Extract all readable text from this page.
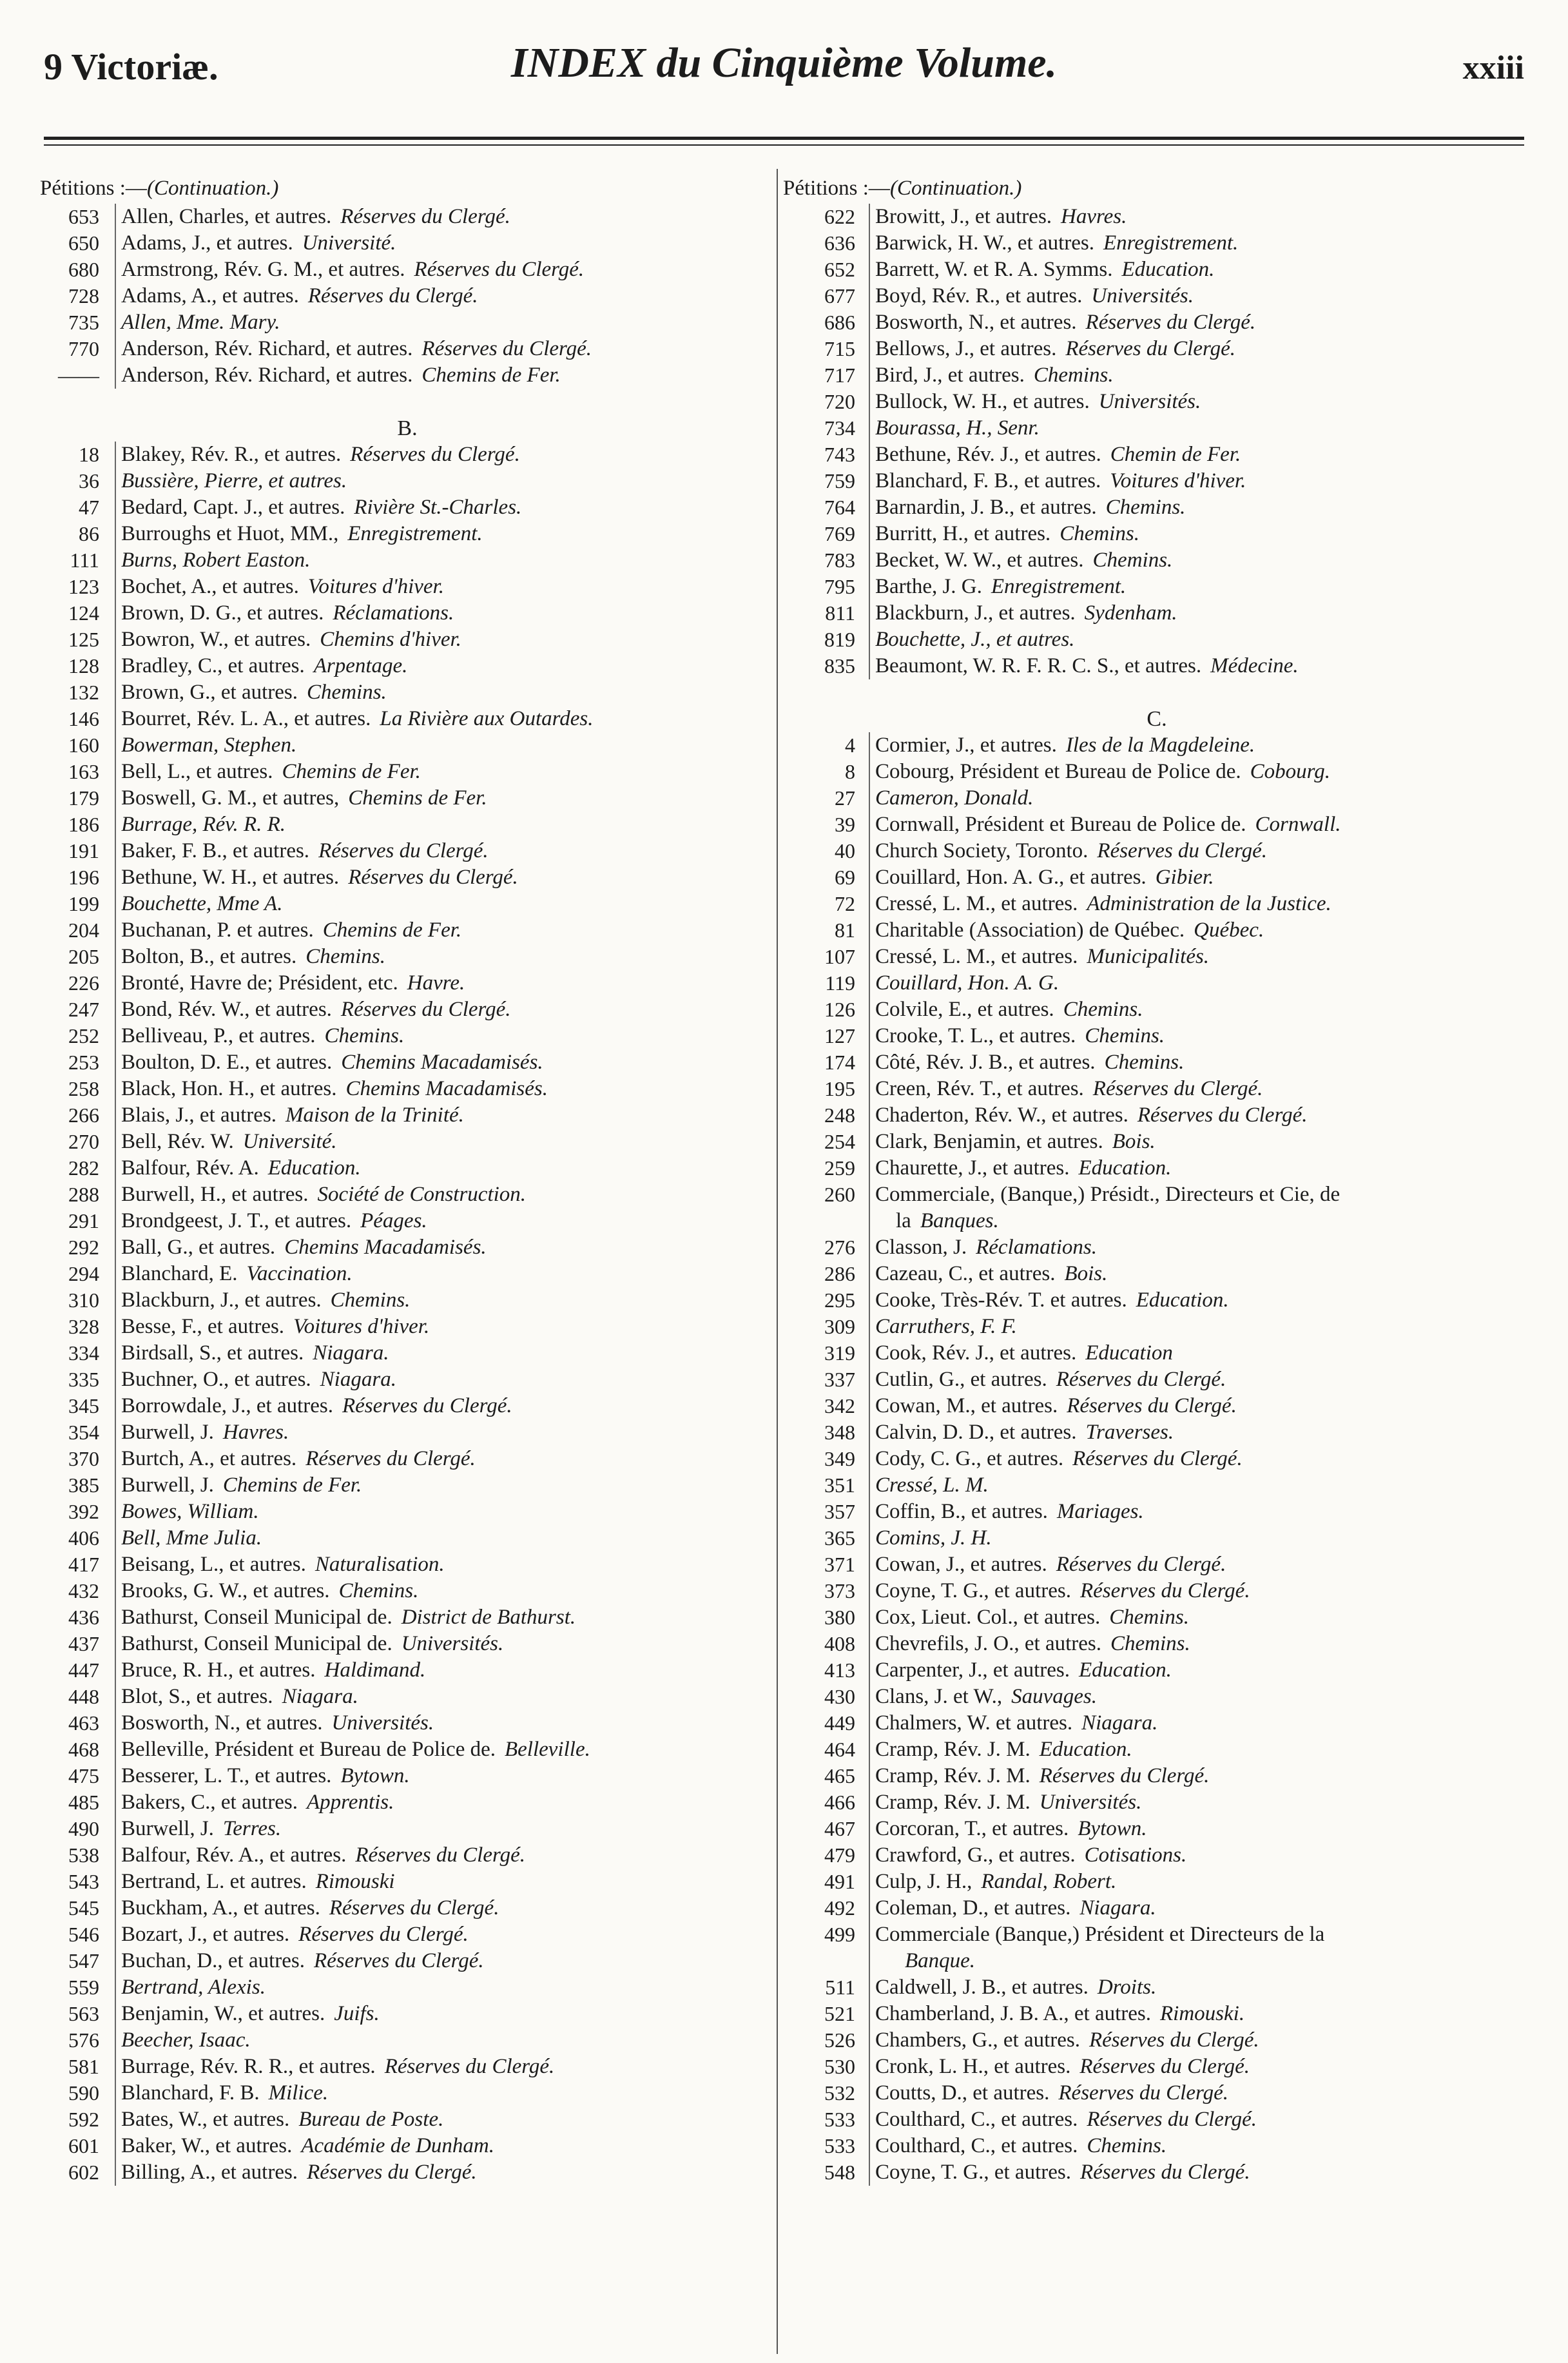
9 Victoriæ.	INDEX du Cinquième Volume.	xxiii
Pétitions :—(Continuation.)
653	Allen, Charles, et autres. Réserves du Clergé.
650	Adams, J., et autres. Université.
680	Armstrong, Rév. G. M., et autres. Réserves du Clergé.
728	Adams, A., et autres. Réserves du Clergé.
735	Allen, Mme. Mary.
770	Anderson, Rév. Richard, et autres. Réserves du Clergé.
——	Anderson, Rév. Richard, et autres. Chemins de Fer.
B.
18	Blakey, Rév. R., et autres. Réserves du Clergé.
36	Bussière, Pierre, et autres.
47	Bedard, Capt. J., et autres. Rivière St.-Charles.
86	Burroughs et Huot, MM., Enregistrement.
111	Burns, Robert Easton.
123	Bochet, A., et autres. Voitures d'hiver.
124	Brown, D. G., et autres. Réclamations.
125	Bowron, W., et autres. Chemins d'hiver.
128	Bradley, C., et autres. Arpentage.
132	Brown, G., et autres. Chemins.
146	Bourret, Rév. L. A., et autres. La Rivière aux Outardes.
160	Bowerman, Stephen.
163	Bell, L., et autres. Chemins de Fer.
179	Boswell, G. M., et autres, Chemins de Fer.
186	Burrage, Rév. R. R.
191	Baker, F. B., et autres. Réserves du Clergé.
196	Bethune, W. H., et autres. Réserves du Clergé.
199	Bouchette, Mme A.
204	Buchanan, P. et autres. Chemins de Fer.
205	Bolton, B., et autres. Chemins.
226	Bronté, Havre de; Président, etc. Havre.
247	Bond, Rév. W., et autres. Réserves du Clergé.
252	Belliveau, P., et autres. Chemins.
253	Boulton, D. E., et autres. Chemins Macadamisés.
258	Black, Hon. H., et autres. Chemins Macadamisés.
266	Blais, J., et autres. Maison de la Trinité.
270	Bell, Rév. W. Université.
282	Balfour, Rév. A. Education.
288	Burwell, H., et autres. Société de Construction.
291	Brondgeest, J. T., et autres. Péages.
292	Ball, G., et autres. Chemins Macadamisés.
294	Blanchard, E. Vaccination.
310	Blackburn, J., et autres. Chemins.
328	Besse, F., et autres. Voitures d'hiver.
334	Birdsall, S., et autres. Niagara.
335	Buchner, O., et autres. Niagara.
345	Borrowdale, J., et autres. Réserves du Clergé.
354	Burwell, J. Havres.
370	Burtch, A., et autres. Réserves du Clergé.
385	Burwell, J. Chemins de Fer.
392	Bowes, William.
406	Bell, Mme Julia.
417	Beisang, L., et autres. Naturalisation.
432	Brooks, G. W., et autres. Chemins.
436	Bathurst, Conseil Municipal de. District de Bathurst.
437	Bathurst, Conseil Municipal de. Universités.
447	Bruce, R. H., et autres. Haldimand.
448	Blot, S., et autres. Niagara.
463	Bosworth, N., et autres. Universités.
468	Belleville, Président et Bureau de Police de. Belleville.
475	Besserer, L. T., et autres. Bytown.
485	Bakers, C., et autres. Apprentis.
490	Burwell, J. Terres.
538	Balfour, Rév. A., et autres. Réserves du Clergé.
543	Bertrand, L. et autres. Rimouski
545	Buckham, A., et autres. Réserves du Clergé.
546	Bozart, J., et autres. Réserves du Clergé.
547	Buchan, D., et autres. Réserves du Clergé.
559	Bertrand, Alexis.
563	Benjamin, W., et autres. Juifs.
576	Beecher, Isaac.
581	Burrage, Rév. R. R., et autres. Réserves du Clergé.
590	Blanchard, F. B. Milice.
592	Bates, W., et autres. Bureau de Poste.
601	Baker, W., et autres. Académie de Dunham.
602	Billing, A., et autres. Réserves du Clergé.
Pétitions :—(Continuation.)
622 Browitt, J., et autres. Havres.
636 Barwick, H. W., et autres. Enregistrement.
652 Barrett, W. et R. A. Symms. Education.
677 Boyd, Rév. R., et autres. Universités.
686 Bosworth, N., et autres. Réserves du Clergé.
715 Bellows, J., et autres. Réserves du Clergé.
717 Bird, J., et autres. Chemins.
720 Bullock, W. H., et autres. Universités.
734 Bourassa, H., Senr.
743 Bethune, Rév. J., et autres. Chemin de Fer.
759 Blanchard, F. B., et autres. Voitures d'hiver.
764 Barnardin, J. B., et autres. Chemins.
769 Burritt, H., et autres. Chemins.
783 Becket, W. W., et autres. Chemins.
795 Barthe, J. G. Enregistrement.
811 Blackburn, J., et autres. Sydenham.
819 Bouchette, J., et autres.
835 Beaumont, W. R. F. R. C. S., et autres. Médecine.
C.
4 Cormier, J., et autres. Iles de la Magdeleine.
8 Cobourg, Président et Bureau de Police de. Cobourg.
27 Cameron, Donald.
39 Cornwall, Président et Bureau de Police de. Cornwall.
40 Church Society, Toronto. Réserves du Clergé.
69 Couillard, Hon. A. G., et autres. Gibier.
72 Cressé, L. M., et autres. Administration de la Justice.
81 Charitable (Association) de Québec. Québec.
107 Cressé, L. M., et autres. Municipalités.
119 Couillard, Hon. A. G.
126 Colvile, E., et autres. Chemins.
127 Crooke, T. L., et autres. Chemins.
174 Côté, Rév. J. B., et autres. Chemins.
195 Creen, Rév. T., et autres. Réserves du Clergé.
248 Chaderton, Rév. W., et autres. Réserves du Clergé.
254 Clark, Benjamin, et autres. Bois.
259 Chaurette, J., et autres. Education.
260 Commerciale, (Banque,) Présidt., Directeurs et Cie, de
la Banques.
276 Classon, J. Réclamations.
286 Cazeau, C., et autres. Bois.
295 Cooke, Très-Rév. T. et autres. Education.
309 Carruthers, F. F.
319 Cook, Rév. J., et autres. Education
337 Cutlin, G., et autres. Réserves du Clergé.
342 Cowan, M., et autres. Réserves du Clergé.
348 Calvin, D. D., et autres. Traverses.
349 Cody, C. G., et autres. Réserves du Clergé.
351 Cressé, L. M.
357 Coffin, B., et autres. Mariages.
365 Comins, J. H.
371 Cowan, J., et autres. Réserves du Clergé.
373 Coyne, T. G., et autres. Réserves du Clergé.
380 Cox, Lieut. Col., et autres. Chemins.
408 Chevrefils, J. O., et autres. Chemins.
413 Carpenter, J., et autres. Education.
430 Clans, J. et W., Sauvages.
449 Chalmers, W. et autres. Niagara.
464 Cramp, Rév. J. M. Education.
465 Cramp, Rév. J. M. Réserves du Clergé.
466 Cramp, Rév. J. M. Universités.
467 Corcoran, T., et autres. Bytown.
479 Crawford, G., et autres. Cotisations.
491 Culp, J. H., Randal, Robert.
492 Coleman, D., et autres. Niagara.
499 Commerciale (Banque,) Président et Directeurs de la
Banque.
511 Caldwell, J. B., et autres. Droits.
521 Chamberland, J. B. A., et autres. Rimouski.
526 Chambers, G., et autres. Réserves du Clergé.
530 Cronk, L. H., et autres. Réserves du Clergé.
532 Coutts, D., et autres. Réserves du Clergé.
533 Coulthard, C., et autres. Réserves du Clergé.
533 Coulthard, C., et autres. Chemins.
548 Coyne, T. G., et autres. Réserves du Clergé.
